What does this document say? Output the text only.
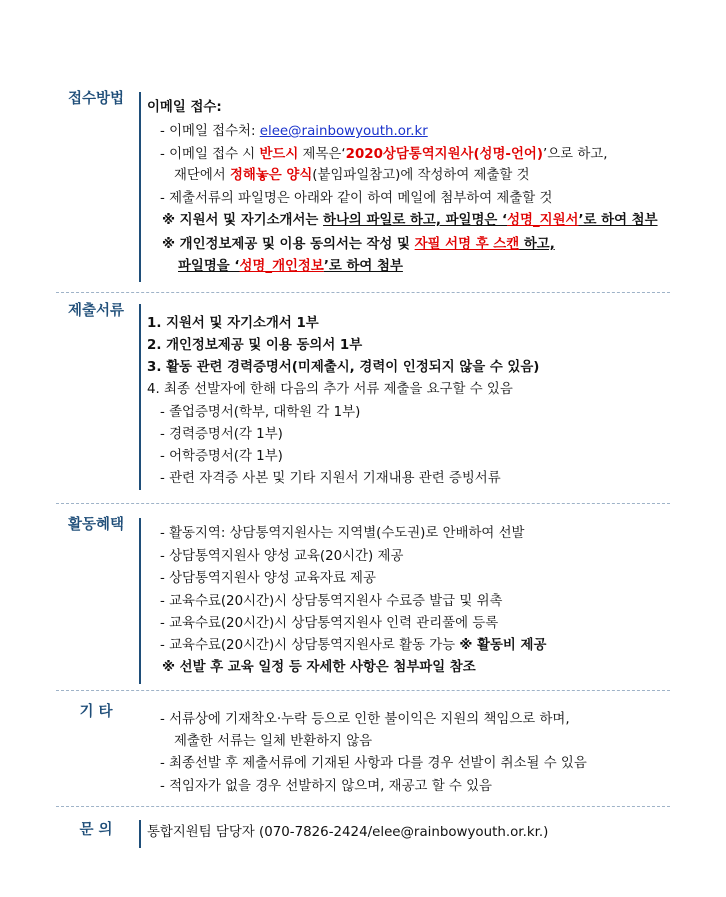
접수방법
이메일 접수:
- 이메일 접수처: elee@rainbowyouth.or.kr
- 이메일 접수 시 반드시 제목은‘2020상담통역지원사(성명-언어)’으로 하고,
재단에서 정해놓은 양식(붙임파일참고)에 작성하여 제출할 것
- 제출서류의 파일명은 아래와 같이 하여 메일에 첨부하여 제출할 것
※ 지원서 및 자기소개서는 하나의 파일로 하고, 파일명은 ‘성명_지원서’로 하여 첨부
※ 개인정보제공 및 이용 동의서는 작성 및 자필 서명 후 스캔 하고,
파일명을 ‘성명_개인정보’로 하여 첨부
제출서류
1. 지원서 및 자기소개서 1부
2. 개인정보제공 및 이용 동의서 1부
3. 활동 관련 경력증명서(미제출시, 경력이 인정되지 않을 수 있음)
4. 최종 선발자에 한해 다음의 추가 서류 제출을 요구할 수 있음
- 졸업증명서(학부, 대학원 각 1부)
- 경력증명서(각 1부)
- 어학증명서(각 1부)
- 관련 자격증 사본 및 기타 지원서 기재내용 관련 증빙서류
활동혜택
- 활동지역: 상담통역지원사는 지역별(수도권)로 안배하여 선발
- 상담통역지원사 양성 교육(20시간) 제공
- 상담통역지원사 양성 교육자료 제공
- 교육수료(20시간)시 상담통역지원사 수료증 발급 및 위촉
- 교육수료(20시간)시 상담통역지원사 인력 관리풀에 등록
- 교육수료(20시간)시 상담통역지원사로 활동 가능 ※ 활동비 제공
※ 선발 후 교육 일정 등 자세한 사항은 첨부파일 참조
기 타	- 서류상에 기재착오·누락 등으로 인한 불이익은 지원의 책임으로 하며,
제출한 서류는 일체 반환하지 않음
- 최종선발 후 제출서류에 기재된 사항과 다를 경우 선발이 취소될 수 있음
- 적임자가 없을 경우 선발하지 않으며, 재공고 할 수 있음
문 의	통합지원팀 담당자 (070-7826-2424/elee@rainbowyouth.or.kr.)
